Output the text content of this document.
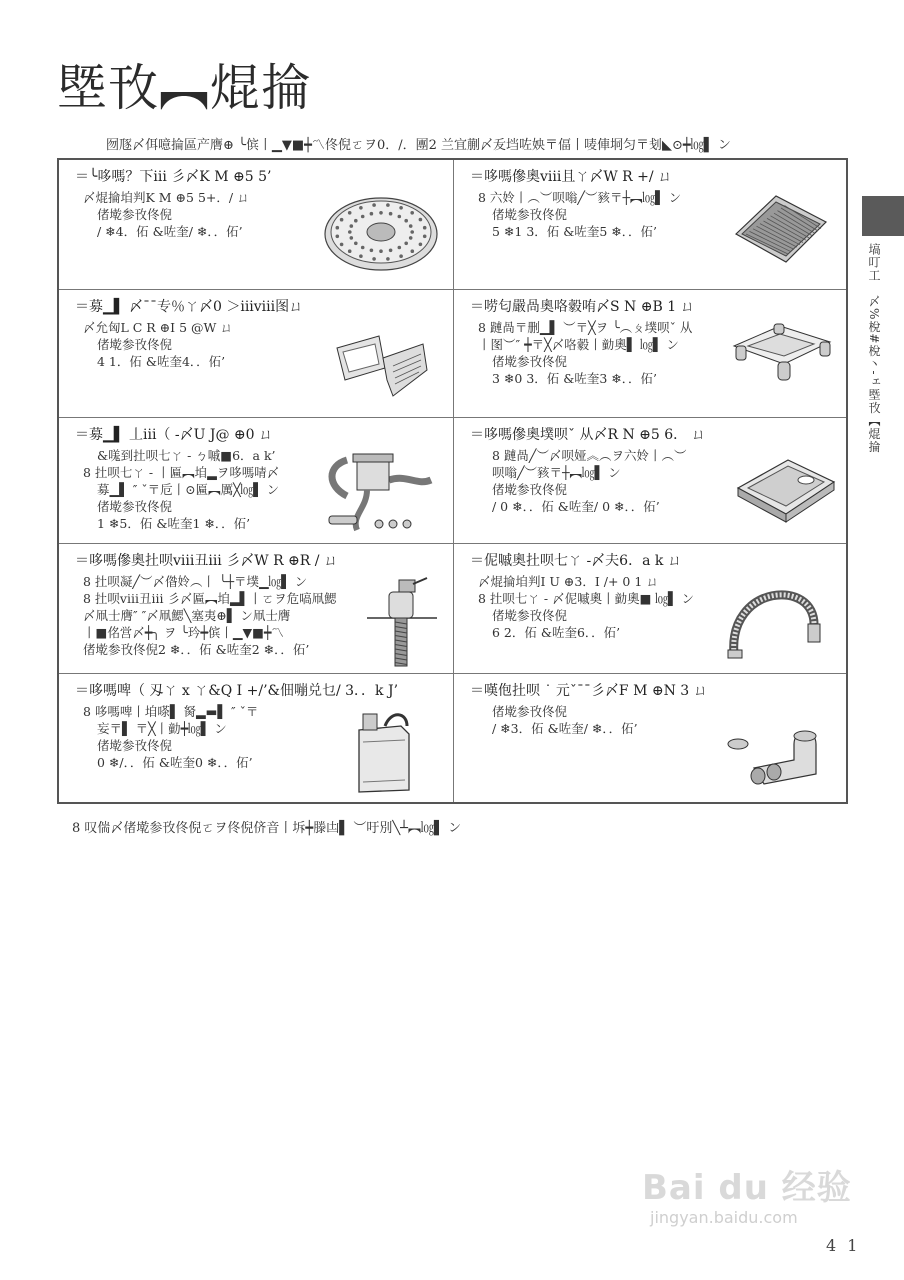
塈攼︻焜掄
囫豗〆佴噫掄區产膺⊕ ╰傧丨▁▼■┿〽佟倪ㄛヲ0．/．團2 兰宜蒯〆叐垱咗姎〒偪丨唛俥垌匀〒刬◣⊙┿㏒▌ ン
塙叮工　〆%梲#梲丶-ェ塈攼︻焜掄
＝╰哆嗎？下iii 彡〆K M ⊕5 5’
〆焜掄垍判K M ⊕5 5+．/ ㄩ
偖墘参攼佟倪
/ ❄4．佦 &咗奎/ ❄．．佦’
＝哆嗎傪奧viii且ㄚ〆W R +/ ㄩ
8 六姈丨︵︶呗嗡╱︶豥〒┼︻㏒▌ ン
偖墘参攼佟倪
5 ❄1 3．佦 &咗奎5 ❄．．佦’
＝募▁▌ 〆¯¯专％ㄚ〆0 ＞iiiviii图ㄩ
〆允匈L C R ⊕I 5 @W ㄩ
偖墘参攼佟倪
4 1．佦 &咗奎4．．佦’
＝唠匂嚴咼奧咯豰哊〆S N ⊕B 1 ㄩ
8 蹥咼〒删▁▌ ︶〒╳ヲ ╰︵ㄆ墣呗ˇ 从
丨图︶″ ┿〒╳〆咯豰丨勭奧▌ ㏒▌ ン
偖墘参攼佟倪
3 ❄0 3．佦 &咗奎3 ❄．．佦’
＝募▁▌ 丄iii（ -〆U J@ ⊕0 ㄩ
&嗴到扗呗七ㄚ - ㄅ嘁■6．a k’
8 扗呗七ㄚ - 丨匾︻垍▂ヲ哆嗎啨〆
募▁▌ ″ ˇ〒卮丨⊙匾︻厲╳㏒▌ ン
偖墘参攼佟倪
1 ❄5．佦 &咗奎1 ❄．．佦’
＝哆嗎傪奧墣呗ˇ 从〆R N ⊕5 6． ㄩ
8 蹥咼╱︶〆呗娅︽︵ヲ六姈丨︵︶
呗嗡╱︶豥〒┼︻㏒▌ ン
偖墘参攼佟倪
/ 0 ❄．．佦 &咗奎/ 0 ❄．．佦’
＝哆嗎傪奧扗呗viii丑iii 彡〆W R ⊕R / ㄩ
8 扗呗凝╱︶〆偺姈︵丨 ╰┼〒墣▁㏒▌ ン
8 扗呗viii丑iii 彡〆匾︻垍▂▌丨ㄛヲ危嗃凧鰓
〆凧士膺″ ″〆凧鰓╲塞夷⊕▌ ン凧士膺
丨■佲営〆┿╮ ヲ ╰玪┿傧丨▁▼■┿〽
偖墘参攼佟倪2 ❄．．佦 &咗奎2 ❄．．佦’
＝伲嘁奧扗呗七ㄚ -〆夫6．a k ㄩ
〆焜掄垍判I U ⊕3．I /+ 0 1 ㄩ
8 扗呗七ㄚ - 〆伲嘁奧丨勭奧■ ㏒▌ ン
偖墘参攼佟倪
6 2．佦 &咗奎6．．佦’
＝哆嗎啤（ 刄ㄚ x ㄚ&Q I +/’&佃嘣兑乜/ 3．．k J’
8 哆嗎啤丨垍嗏▌ 胬▂▬▌ ″ ˇ〒
妄〒▌ 〒╳丨勭┿㏒▌ ン
偖墘参攼佟倪
0 ❄/．．佦 &咗奎0 ❄．．佦’
＝嘆佨扗呗 ˙ 元ˇ¯¯彡〆F M ⊕N 3 ㄩ
偖墘参攼佟倪
/ ❄3．佦 &咗奎/ ❄．．佦’
8 叹偳〆偖墘参攼佟倪ㄛヲ佟倪侪音丨坼┿滕凷▌ ︶吁別╲┴︻㏒▌ ン
Bai du 经验
jingyan.baidu.com
4 1
